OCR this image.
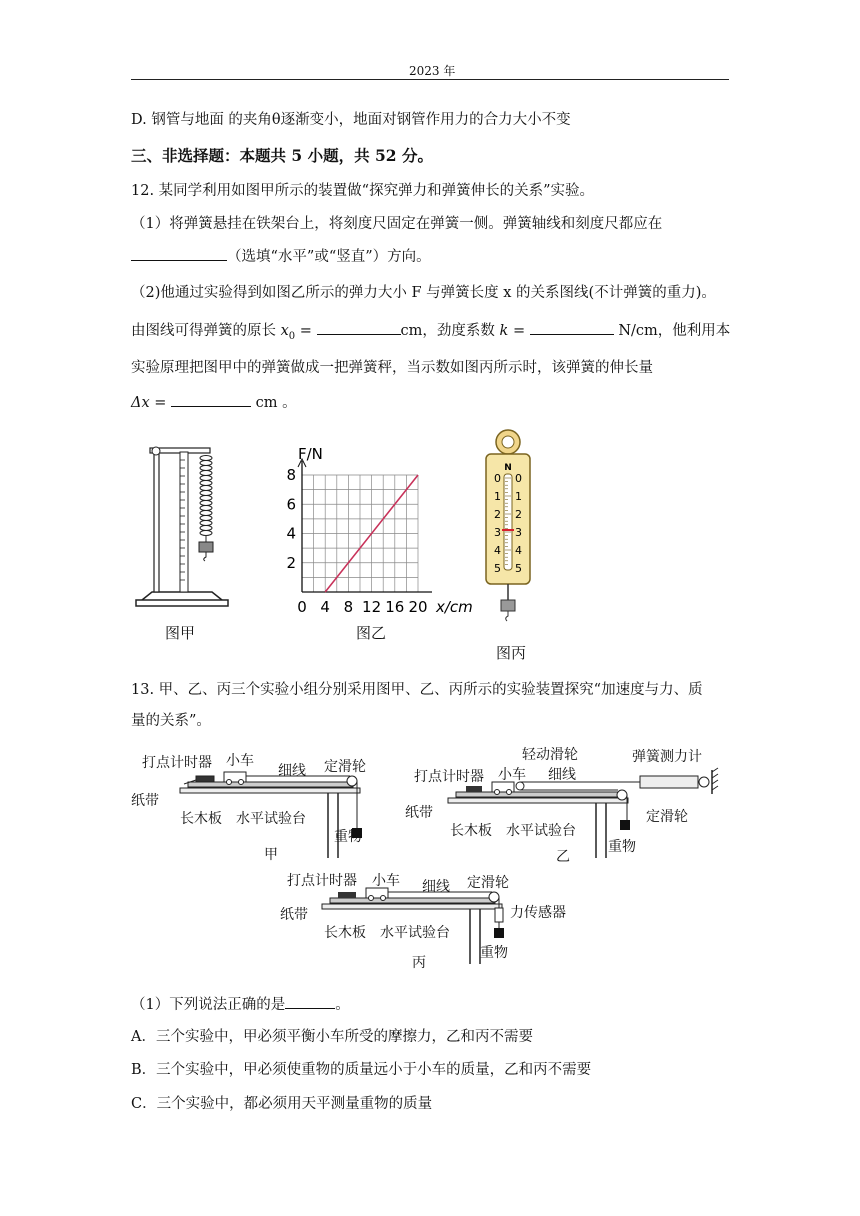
2023 年
D. 钢管与地面 的夹角θ逐渐变小，地面对钢管作用力的合力大小不变
三、非选择题：本题共 5 小题，共 52 分。
12. 某同学利用如图甲所示的装置做“探究弹力和弹簧伸长的关系”实验。
（1）将弹簧悬挂在铁架台上，将刻度尺固定在弹簧一侧。弹簧轴线和刻度尺都应在
（选填“水平”或“竖直”）方向。
（2)他通过实验得到如图乙所示的弹力大小 F 与弹簧长度 x 的关系图线(不计弹簧的重力)。
由图线可得弹簧的原长 $x_0$ =	cm，劲度系数 k =	N/cm，他利用本
实验原理把图甲中的弹簧做成一把弹簧秤，当示数如图丙所示时，该弹簧的伸长量
Δx =	cm 。
图甲
0 4 8 12 16 20
2
4
6
8
F/N
x/cm
图乙
N
0 0
1 1
2 2
3 3
4 4
5 5
图丙
13. 甲、乙、丙三个实验小组分别采用图甲、乙、丙所示的实验装置探究“加速度与力、质
量的关系”。
打点计时器 小车
细线 定滑轮
纸带
长木板 水平试验台
重物
甲
轻动滑轮	弹簧测力计
打点计时器 小车 细线
纸带
长木板 水平试验台
定滑轮
重物
乙
打点计时器 小车 细线 定滑轮
纸带	力传感器
长木板 水平试验台
重物
丙
（1）下列说法正确的是	。
A．三个实验中，甲必须平衡小车所受的摩擦力，乙和丙不需要
B．三个实验中，甲必须使重物的质量远小于小车的质量，乙和丙不需要
C．三个实验中，都必须用天平测量重物的质量
